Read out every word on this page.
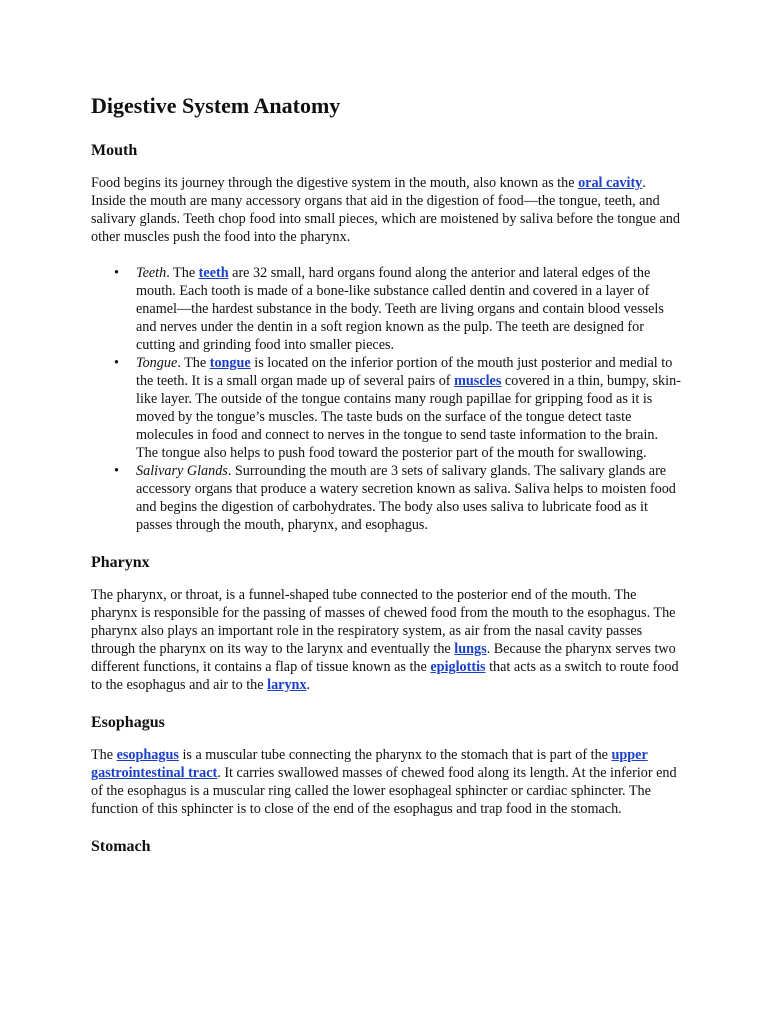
Digestive System Anatomy
Mouth

Food begins its journey through the digestive system in the mouth, also known as the oral cavity. Inside the mouth are many accessory organs that aid in the digestion of food—the tongue, teeth, and salivary glands. Teeth chop food into small pieces, which are moistened by saliva before the tongue and other muscles push the food into the pharynx.

• Teeth. The teeth are 32 small, hard organs found along the anterior and lateral edges of the mouth. Each tooth is made of a bone-like substance called dentin and covered in a layer of enamel—the hardest substance in the body. Teeth are living organs and contain blood vessels and nerves under the dentin in a soft region known as the pulp. The teeth are designed for cutting and grinding food into smaller pieces.
• Tongue. The tongue is located on the inferior portion of the mouth just posterior and medial to the teeth. It is a small organ made up of several pairs of muscles covered in a thin, bumpy, skin-like layer. The outside of the tongue contains many rough papillae for gripping food as it is moved by the tongue’s muscles. The taste buds on the surface of the tongue detect taste molecules in food and connect to nerves in the tongue to send taste information to the brain. The tongue also helps to push food toward the posterior part of the mouth for swallowing.
• Salivary Glands. Surrounding the mouth are 3 sets of salivary glands. The salivary glands are accessory organs that produce a watery secretion known as saliva. Saliva helps to moisten food and begins the digestion of carbohydrates. The body also uses saliva to lubricate food as it passes through the mouth, pharynx, and esophagus.
Pharynx

The pharynx, or throat, is a funnel-shaped tube connected to the posterior end of the mouth. The pharynx is responsible for the passing of masses of chewed food from the mouth to the esophagus. The pharynx also plays an important role in the respiratory system, as air from the nasal cavity passes through the pharynx on its way to the larynx and eventually the lungs. Because the pharynx serves two different functions, it contains a flap of tissue known as the epiglottis that acts as a switch to route food to the esophagus and air to the larynx.

Esophagus

The esophagus is a muscular tube connecting the pharynx to the stomach that is part of the upper gastrointestinal tract. It carries swallowed masses of chewed food along its length. At the inferior end of the esophagus is a muscular ring called the lower esophageal sphincter or cardiac sphincter. The function of this sphincter is to close of the end of the esophagus and trap food in the stomach.

Stomach
